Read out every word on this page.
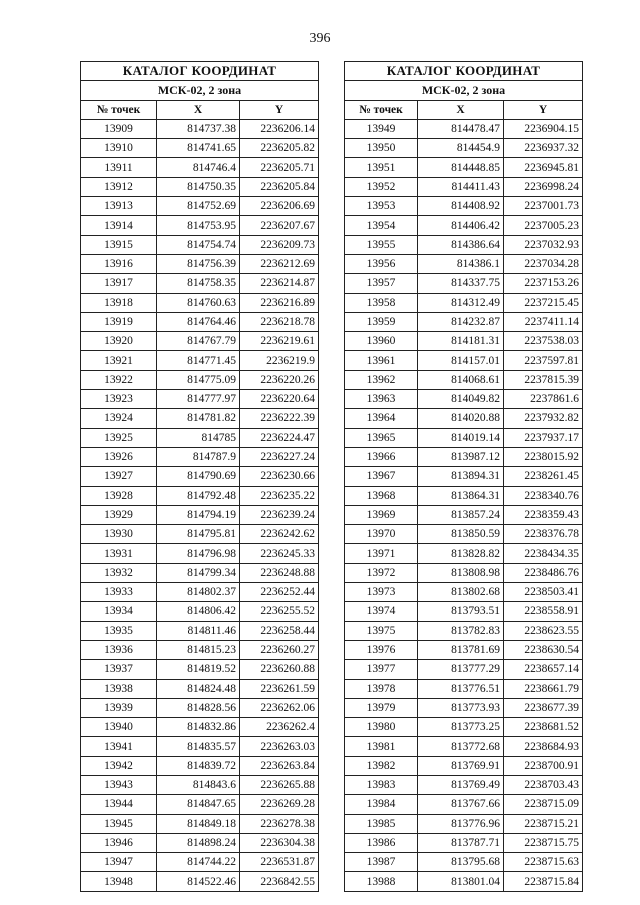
396
КАТАЛОГ КООРДИНАТ		
МСК-02, 2 зона		
№ точек	X	Y
13909	814737.38	2236206.14
13910	814741.65	2236205.82
13911	814746.4	2236205.71
13912	814750.35	2236205.84
13913	814752.69	2236206.69
13914	814753.95	2236207.67
13915	814754.74	2236209.73
13916	814756.39	2236212.69
13917	814758.35	2236214.87
13918	814760.63	2236216.89
13919	814764.46	2236218.78
13920	814767.79	2236219.61
13921	814771.45	2236219.9
13922	814775.09	2236220.26
13923	814777.97	2236220.64
13924	814781.82	2236222.39
13925	814785	2236224.47
13926	814787.9	2236227.24
13927	814790.69	2236230.66
13928	814792.48	2236235.22
13929	814794.19	2236239.24
13930	814795.81	2236242.62
13931	814796.98	2236245.33
13932	814799.34	2236248.88
13933	814802.37	2236252.44
13934	814806.42	2236255.52
13935	814811.46	2236258.44
13936	814815.23	2236260.27
13937	814819.52	2236260.88
13938	814824.48	2236261.59
13939	814828.56	2236262.06
13940	814832.86	2236262.4
13941	814835.57	2236263.03
13942	814839.72	2236263.84
13943	814843.6	2236265.88
13944	814847.65	2236269.28
13945	814849.18	2236278.38
13946	814898.24	2236304.38
13947	814744.22	2236531.87
13948	814522.46	2236842.55
КАТАЛОГ КООРДИНАТ		
МСК-02, 2 зона		
№ точек	X	Y
13949	814478.47	2236904.15
13950	814454.9	2236937.32
13951	814448.85	2236945.81
13952	814411.43	2236998.24
13953	814408.92	2237001.73
13954	814406.42	2237005.23
13955	814386.64	2237032.93
13956	814386.1	2237034.28
13957	814337.75	2237153.26
13958	814312.49	2237215.45
13959	814232.87	2237411.14
13960	814181.31	2237538.03
13961	814157.01	2237597.81
13962	814068.61	2237815.39
13963	814049.82	2237861.6
13964	814020.88	2237932.82
13965	814019.14	2237937.17
13966	813987.12	2238015.92
13967	813894.31	2238261.45
13968	813864.31	2238340.76
13969	813857.24	2238359.43
13970	813850.59	2238376.78
13971	813828.82	2238434.35
13972	813808.98	2238486.76
13973	813802.68	2238503.41
13974	813793.51	2238558.91
13975	813782.83	2238623.55
13976	813781.69	2238630.54
13977	813777.29	2238657.14
13978	813776.51	2238661.79
13979	813773.93	2238677.39
13980	813773.25	2238681.52
13981	813772.68	2238684.93
13982	813769.91	2238700.91
13983	813769.49	2238703.43
13984	813767.66	2238715.09
13985	813776.96	2238715.21
13986	813787.71	2238715.75
13987	813795.68	2238715.63
13988	813801.04	2238715.84
